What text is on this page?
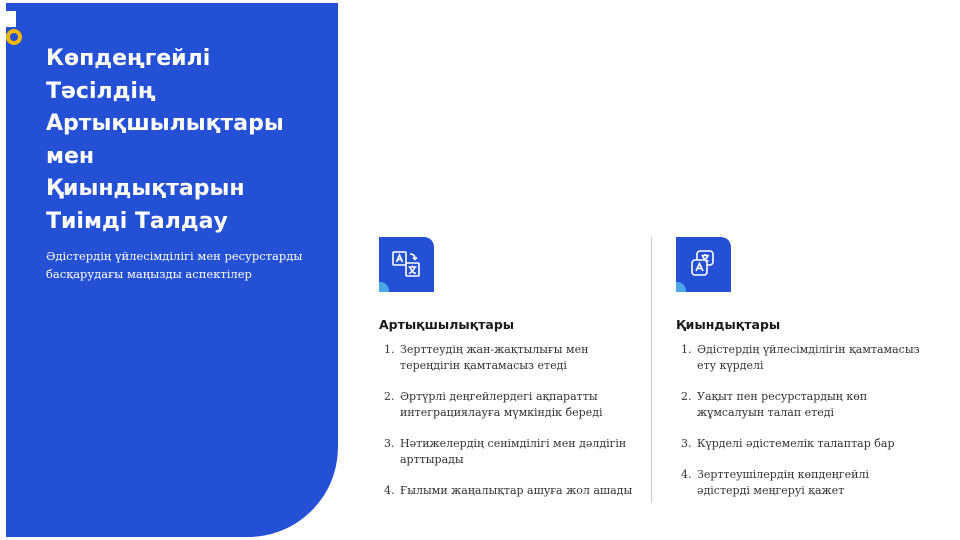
Көпдеңгейлі
Тәсілдің
Артықшылықтары
мен
Қиындықтарын
Тиімді Талдау

Әдістердің үйлесімділігі мен ресурстарды
басқарудағы маңызды аспектілер

Артықшылықтары
1. Зерттеудің жан-жақтылығы мен
тереңдігін қамтамасыз етеді
2. Әртүрлі деңгейлердегі ақпаратты
интеграциялауға мүмкіндік береді
3. Нәтижелердің сенімділігі мен дәлдігін
арттырады
4. Ғылыми жаңалықтар ашуға жол ашады
Қиындықтары
1. Әдістердің үйлесімділігін қамтамасыз
ету күрделі
2. Уақыт пен ресурстардың көп
жұмсалуын талап етеді
3. Күрделі әдістемелік талаптар бар
4. Зерттеушілердің көпдеңгейлі
әдістерді меңгеруі қажет
